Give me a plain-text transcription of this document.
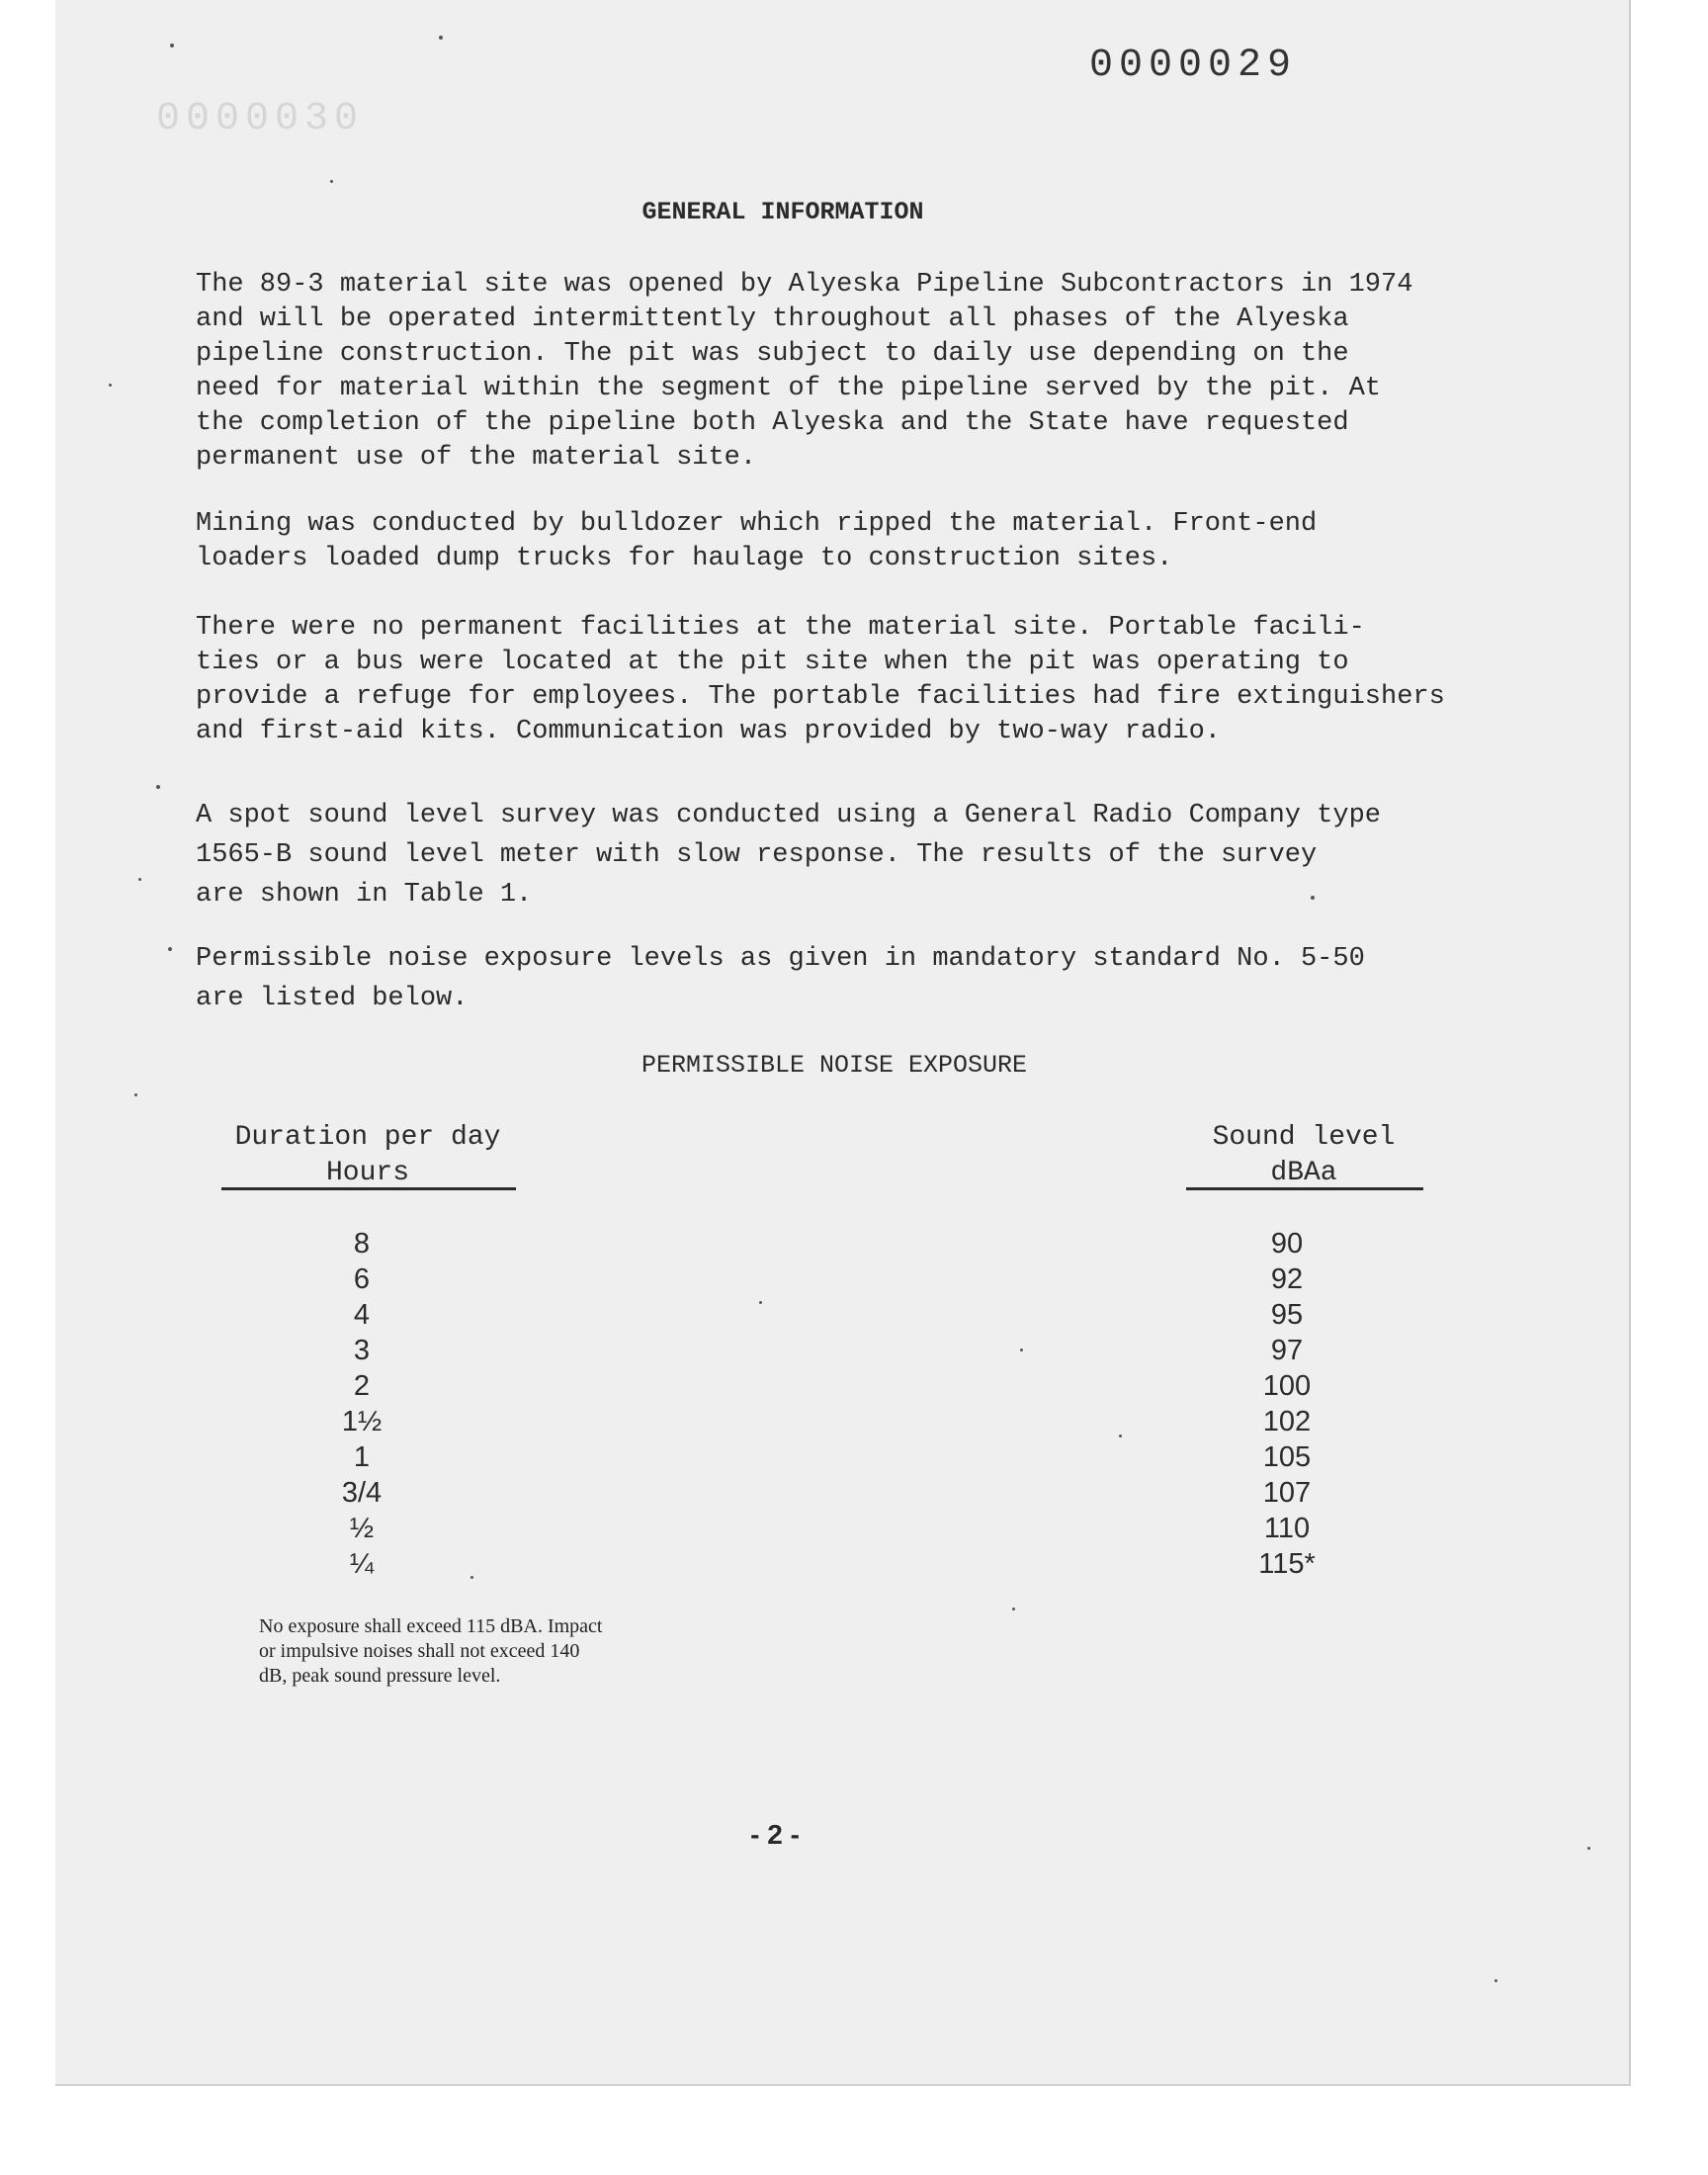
0000030
0000029
GENERAL INFORMATION

The 89-3 material site was opened by Alyeska Pipeline Subcontractors in 1974
and will be operated intermittently throughout all phases of the Alyeska
pipeline construction. The pit was subject to daily use depending on the
need for material within the segment of the pipeline served by the pit. At
the completion of the pipeline both Alyeska and the State have requested
permanent use of the material site.

Mining was conducted by bulldozer which ripped the material. Front-end
loaders loaded dump trucks for haulage to construction sites.

There were no permanent facilities at the material site. Portable facili-
ties or a bus were located at the pit site when the pit was operating to
provide a refuge for employees. The portable facilities had fire extinguishers
and first-aid kits. Communication was provided by two-way radio.

A spot sound level survey was conducted using a General Radio Company type
1565-B sound level meter with slow response. The results of the survey
are shown in Table 1.

Permissible noise exposure levels as given in mandatory standard No. 5-50
are listed below.

PERMISSIBLE NOISE EXPOSURE
Duration per day
Hours
Sound level
dBAa
8
6
4
3
2
1½
1
3/4
½
¼
90
92
95
97
100
102
105
107
110
115*

No exposure shall exceed 115 dBA. Impact
or impulsive noises shall not exceed 140
dB, peak sound pressure level.

- 2 -
